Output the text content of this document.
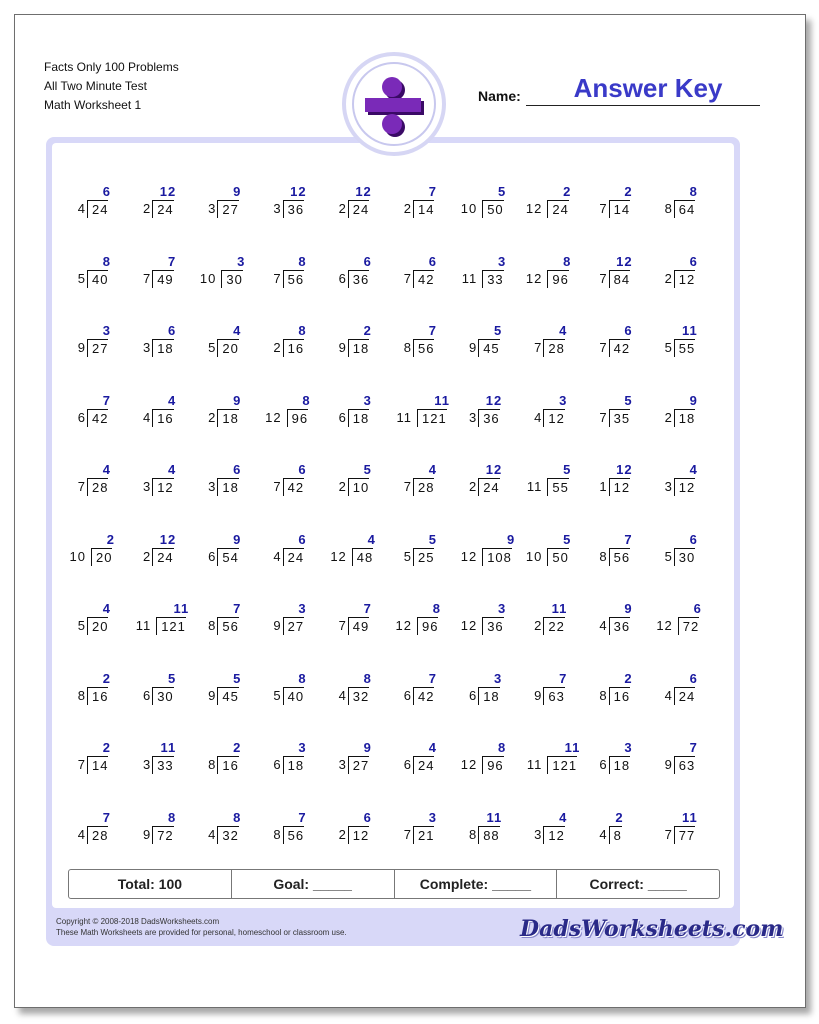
Facts Only 100 Problems
All Two Minute Test
Math Worksheet 1
Name:	Answer Key
6
4 24
12
2 24
9
3 27
12
3 36
12
2 24
7
2 14
5
10 50
2
12 24
2
7 14
8
8 64
8
5 40
7
7 49
3
10 30
8
7 56
6
6 36
6
7 42
3
11 33
8
12 96
12
7 84
6
2 12
3
9 27
6
3 18
4
5 20
8
2 16
2
9 18
7
8 56
5
9 45
4
7 28
6
7 42
11
5 55
7
6 42
4
4 16
9
2 18
8
12 96
3
6 18
11
11 121
12
3 36
3
4 12
5
7 35
9
2 18
4
7 28
4
3 12
6
3 18
6
7 42
5
2 10
4
7 28
12
2 24
5
11 55
12
1 12
4
3 12
2
10 20
12
2 24
9
6 54
6
4 24
4
12 48
5
5 25
9
12 108
5
10 50
7
8 56
6
5 30
4
5 20
11
11 121
7
8 56
3
9 27
7
7 49
8
12 96
3
12 36
11
2 22
9
4 36
6
12 72
2
8 16
5
6 30
5
9 45
8
5 40
8
4 32
7
6 42
3
6 18
7
9 63
2
8 16
6
4 24
2
7 14
11
3 33
2
8 16
3
6 18
9
3 27
4
6 24
8
12 96
11
11 121
3
6 18
7
9 63
7
4 28
8
9 72
8
4 32
7
8 56
6
2 12
3
7 21
11
8 88
4
3 12
2
4 8
11
7 77
Total: 100	Goal: _____	Complete: _____	Correct: _____
Copyright © 2008-2018 DadsWorksheets.com
These Math Worksheets are provided for personal, homeschool or classroom use.	DadsWorksheets.com
